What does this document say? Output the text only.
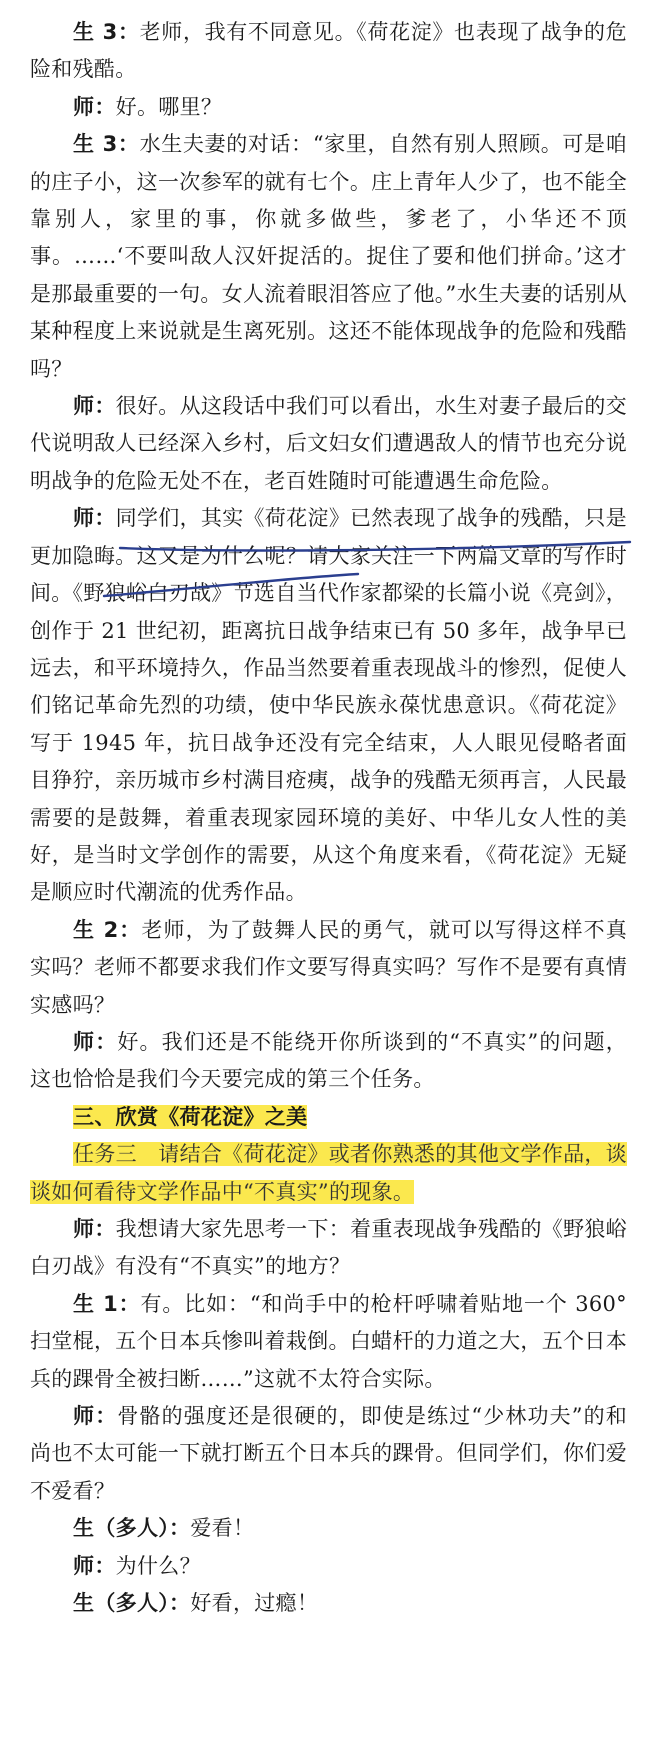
生 3：老师，我有不同意见。《荷花淀》也表现了战争的危险和残酷。

师：好。哪里？

生 3：水生夫妻的对话：“家里，自然有别人照顾。可是咱的庄子小，这一次参军的就有七个。庄上青年人少了，也不能全靠别人，家里的事，你就多做些，爹老了，小华还不顶事。……‘不要叫敌人汉奸捉活的。捉住了要和他们拼命。’这才是那最重要的一句。女人流着眼泪答应了他。”水生夫妻的话别从某种程度上来说就是生离死别。这还不能体现战争的危险和残酷吗？

师：很好。从这段话中我们可以看出，水生对妻子最后的交代说明敌人已经深入乡村，后文妇女们遭遇敌人的情节也充分说明战争的危险无处不在，老百姓随时可能遭遇生命危险。

师：同学们，其实《荷花淀》已然表现了战争的残酷，只是更加隐晦。这又是为什么呢？请大家关注一下两篇文章的写作时间。《野狼峪白刃战》节选自当代作家都梁的长篇小说《亮剑》，创作于 21 世纪初，距离抗日战争结束已有 50 多年，战争早已远去，和平环境持久，作品当然要着重表现战斗的惨烈，促使人们铭记革命先烈的功绩，使中华民族永葆忧患意识。《荷花淀》写于 1945 年，抗日战争还没有完全结束，人人眼见侵略者面目狰狞，亲历城市乡村满目疮痍，战争的残酷无须再言，人民最需要的是鼓舞，着重表现家园环境的美好、中华儿女人性的美好，是当时文学创作的需要，从这个角度来看，《荷花淀》无疑是顺应时代潮流的优秀作品。

生 2：老师，为了鼓舞人民的勇气，就可以写得这样不真实吗？老师不都要求我们作文要写得真实吗？写作不是要有真情实感吗？

师：好。我们还是不能绕开你所谈到的“不真实”的问题，这也恰恰是我们今天要完成的第三个任务。

三、欣赏《荷花淀》之美

任务三　请结合《荷花淀》或者你熟悉的其他文学作品，谈谈如何看待文学作品中“不真实”的现象。

师：我想请大家先思考一下：着重表现战争残酷的《野狼峪白刃战》有没有“不真实”的地方？

生 1：有。比如：“和尚手中的枪杆呼啸着贴地一个 360° 扫堂棍，五个日本兵惨叫着栽倒。白蜡杆的力道之大，五个日本兵的踝骨全被扫断……”这就不太符合实际。

师：骨骼的强度还是很硬的，即使是练过“少林功夫”的和尚也不太可能一下就打断五个日本兵的踝骨。但同学们，你们爱不爱看？

生（多人）：爱看！

师：为什么？

生（多人）：好看，过瘾！
